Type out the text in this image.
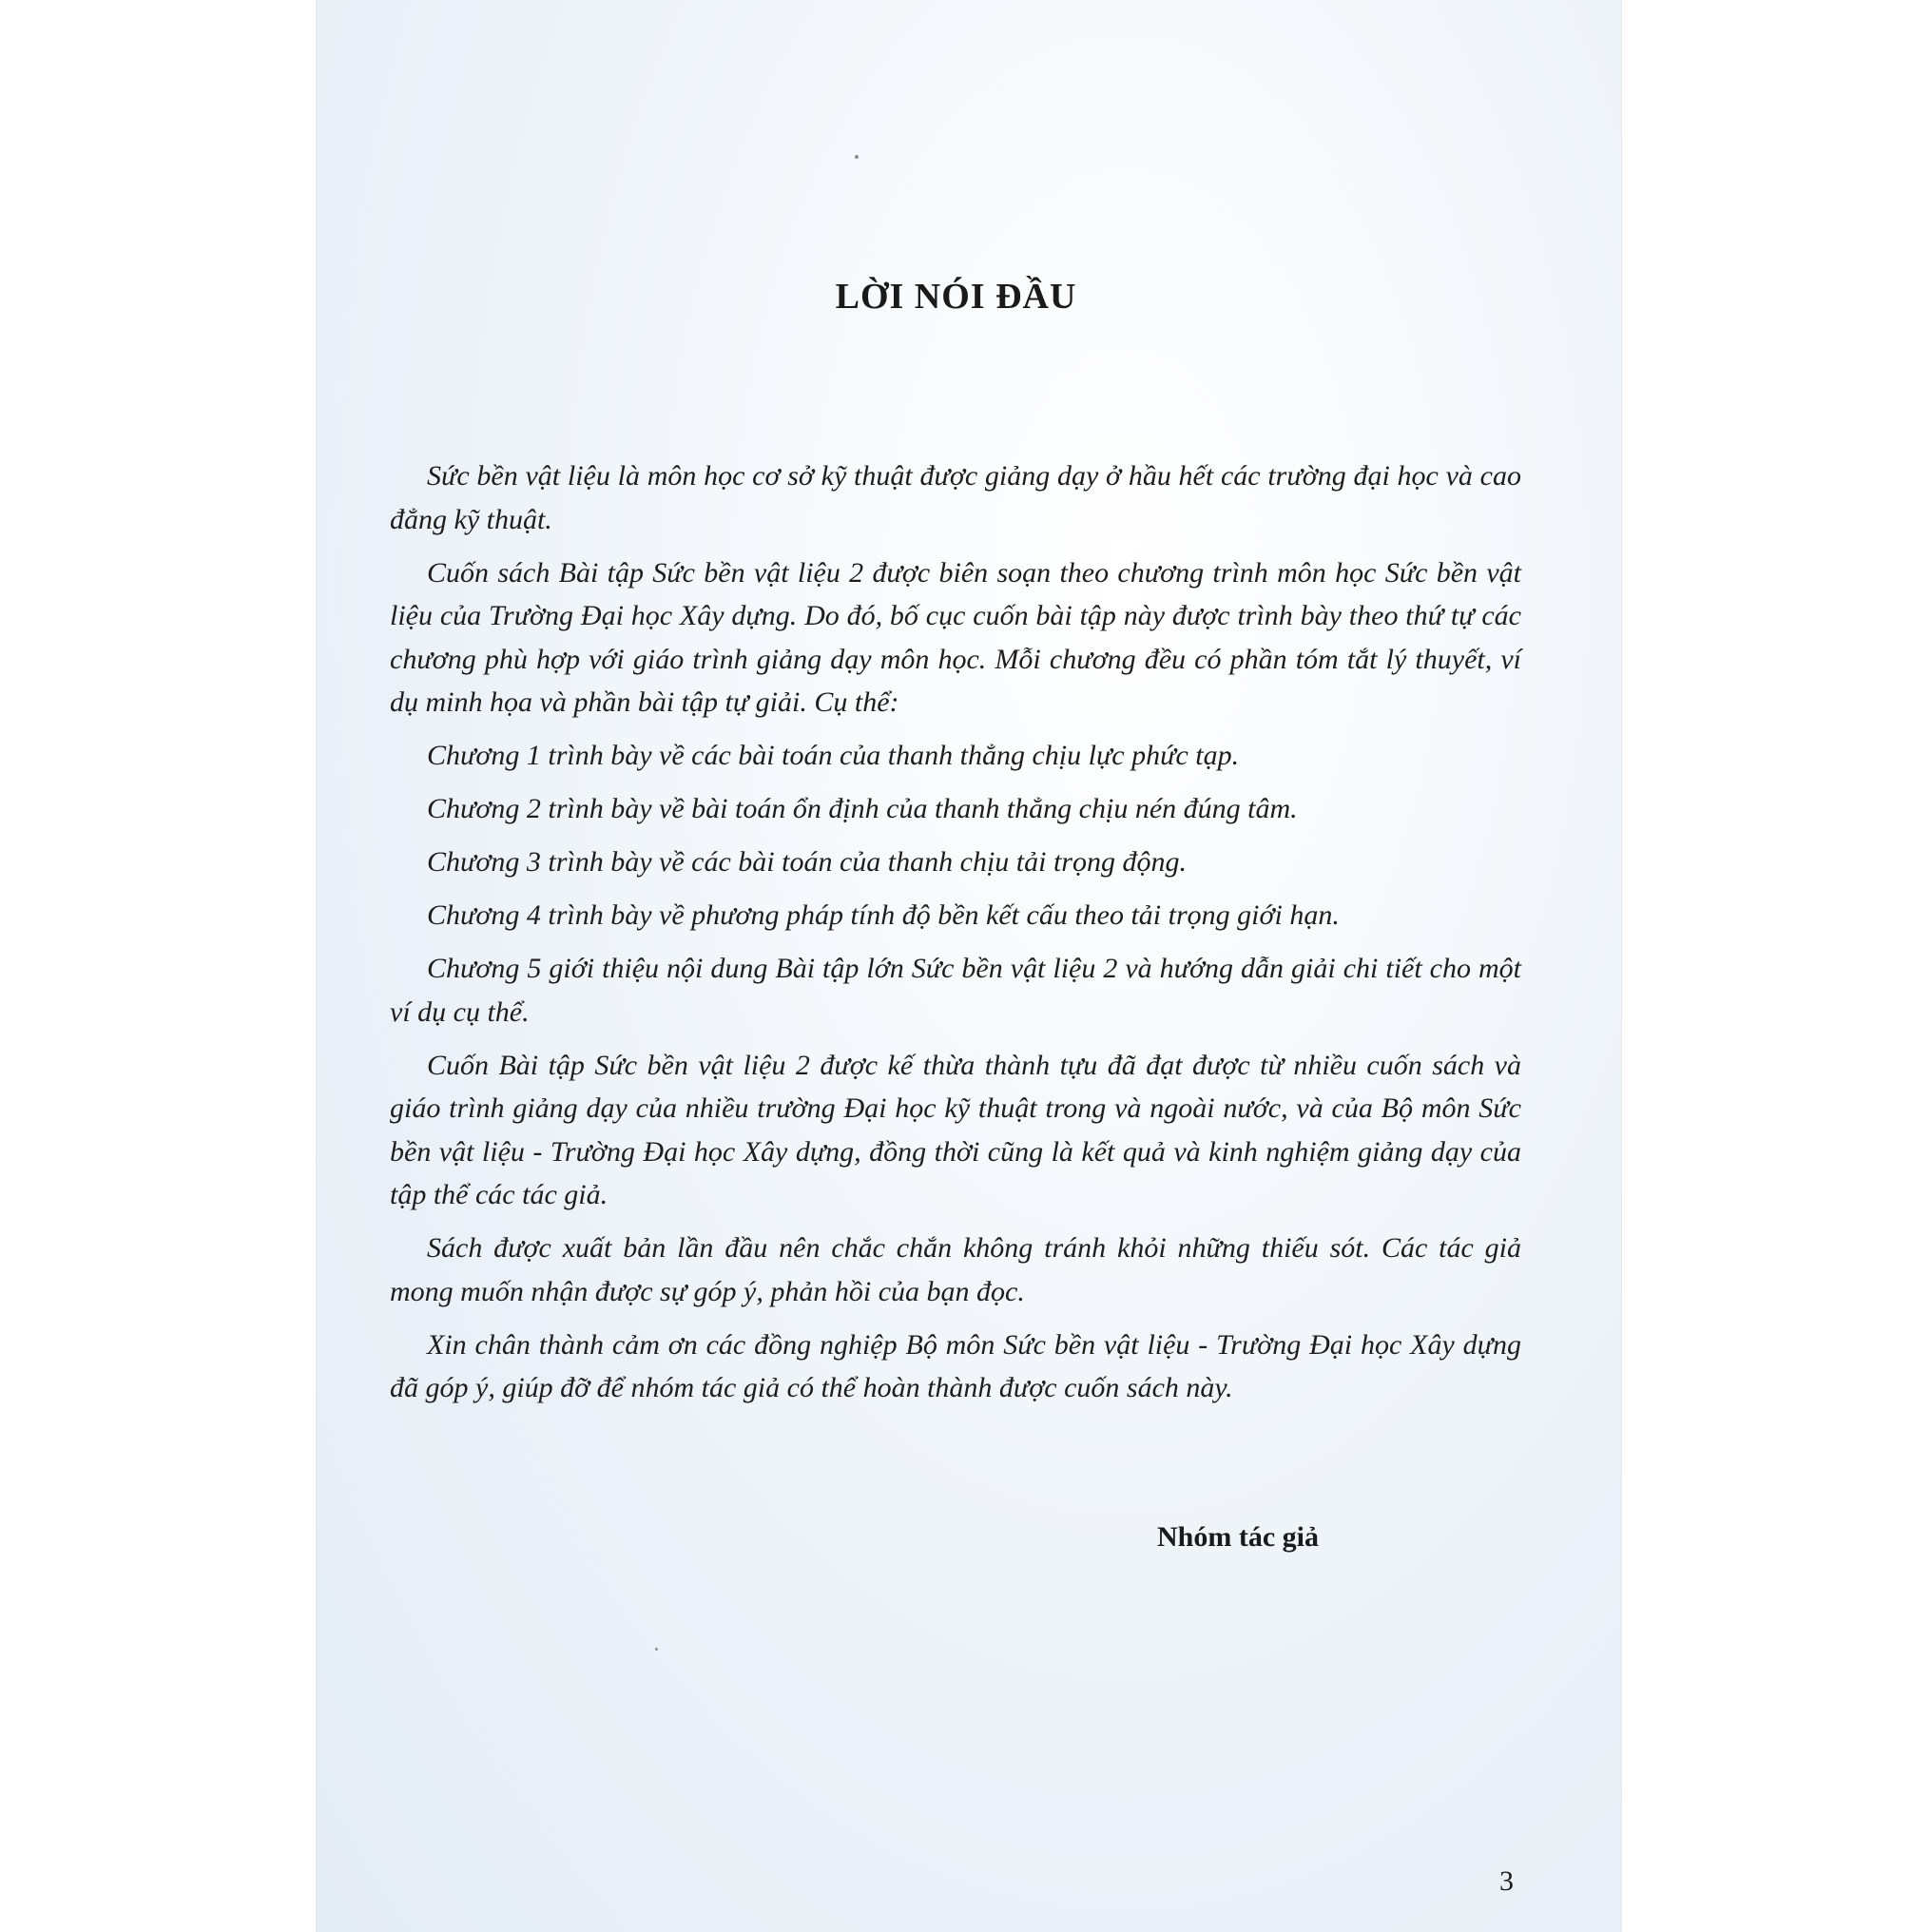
LỜI NÓI ĐẦU

Sức bền vật liệu là môn học cơ sở kỹ thuật được giảng dạy ở hầu hết các trường đại học và cao đẳng kỹ thuật.

Cuốn sách Bài tập Sức bền vật liệu 2 được biên soạn theo chương trình môn học Sức bền vật liệu của Trường Đại học Xây dựng. Do đó, bố cục cuốn bài tập này được trình bày theo thứ tự các chương phù hợp với giáo trình giảng dạy môn học. Mỗi chương đều có phần tóm tắt lý thuyết, ví dụ minh họa và phần bài tập tự giải. Cụ thể:

Chương 1 trình bày về các bài toán của thanh thẳng chịu lực phức tạp.

Chương 2 trình bày về bài toán ổn định của thanh thẳng chịu nén đúng tâm.

Chương 3 trình bày về các bài toán của thanh chịu tải trọng động.

Chương 4 trình bày về phương pháp tính độ bền kết cấu theo tải trọng giới hạn.

Chương 5 giới thiệu nội dung Bài tập lớn Sức bền vật liệu 2 và hướng dẫn giải chi tiết cho một ví dụ cụ thể.

Cuốn Bài tập Sức bền vật liệu 2 được kế thừa thành tựu đã đạt được từ nhiều cuốn sách và giáo trình giảng dạy của nhiều trường Đại học kỹ thuật trong và ngoài nước, và của Bộ môn Sức bền vật liệu - Trường Đại học Xây dựng, đồng thời cũng là kết quả và kinh nghiệm giảng dạy của tập thể các tác giả.

Sách được xuất bản lần đầu nên chắc chắn không tránh khỏi những thiếu sót. Các tác giả mong muốn nhận được sự góp ý, phản hồi của bạn đọc.

Xin chân thành cảm ơn các đồng nghiệp Bộ môn Sức bền vật liệu - Trường Đại học Xây dựng đã góp ý, giúp đỡ để nhóm tác giả có thể hoàn thành được cuốn sách này.

Nhóm tác giả

3
